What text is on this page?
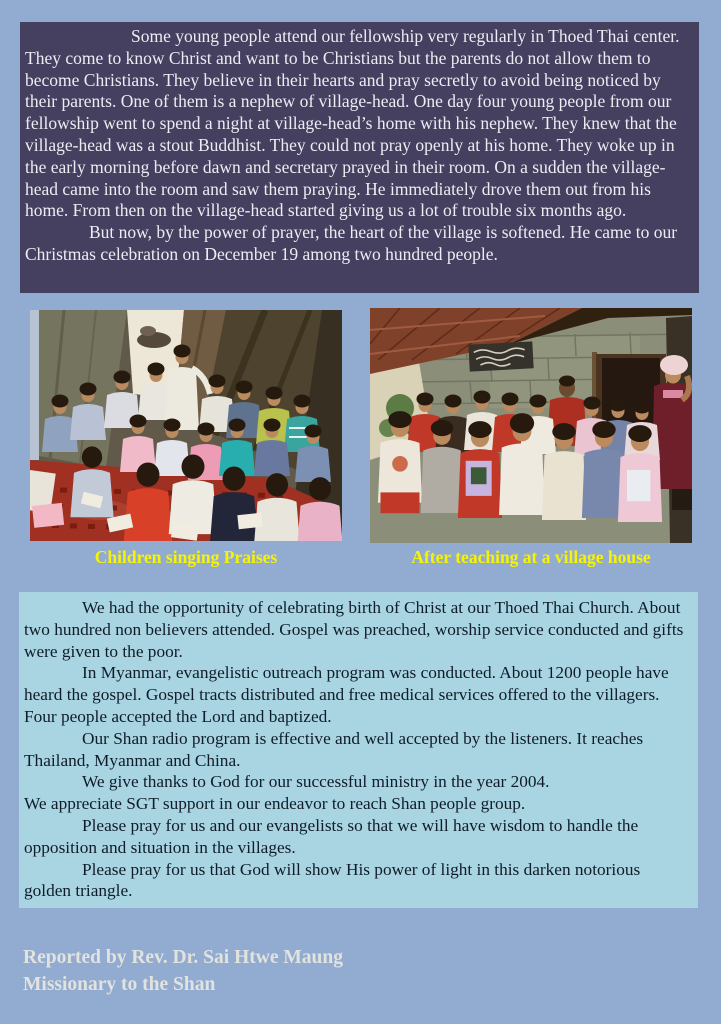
Some young people attend our fellowship very regularly in Thoed Thai center. They come to know Christ and want to be Christians but the parents do not allow them to become Christians. They believe in their hearts and pray secretly to avoid being noticed by their parents. One of them is a nephew of village-head. One day four young people from our fellowship went to spend a night at village-head’s home with his nephew. They knew that the village-head was a stout Buddhist. They could not pray openly at his home. They woke up in the early morning before dawn and secretary prayed in their room. On a sudden the village-head came into the room and saw them praying. He immediately drove them out from his home. From then on the village-head started giving us a lot of trouble six months ago.

But now, by the power of prayer, the heart of the village is softened. He came to our Christmas celebration on December 19 among two hundred people.

Children singing Praises	After teaching at a village house

We had the opportunity of celebrating birth of Christ at our Thoed Thai Church. About two hundred non believers attended. Gospel was preached, worship service conducted and gifts were given to the poor.

In Myanmar, evangelistic outreach program was conducted. About 1200 people have heard the gospel. Gospel tracts distributed and free medical services offered to the villagers. Four people accepted the Lord and baptized.

Our Shan radio program is effective and well accepted by the listeners. It reaches Thailand, Myanmar and China.

We give thanks to God for our successful ministry in the year 2004.

We appreciate SGT support in our endeavor to reach Shan people group.

Please pray for us and our evangelists so that we will have wisdom to handle the opposition and situation in the villages.

Please pray for us that God will show His power of light in this darken notorious golden triangle.

Reported by Rev. Dr. Sai Htwe Maung
Missionary to the Shan
